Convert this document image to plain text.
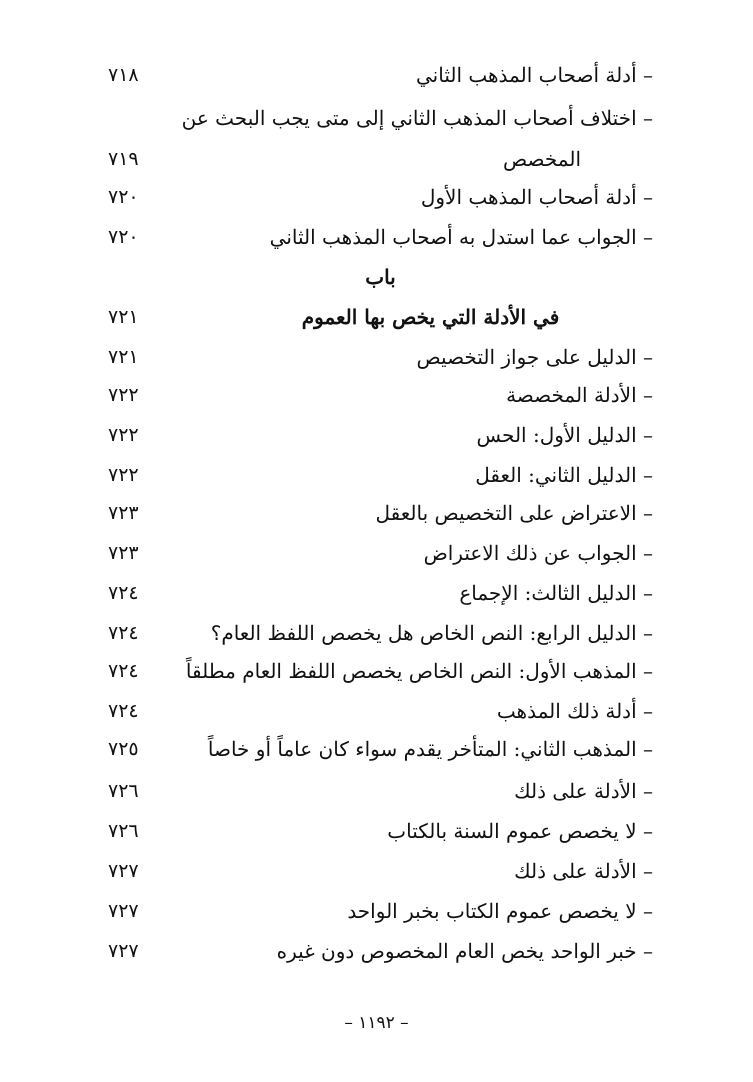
– أدلة أصحاب المذهب الثاني
٧١٨
– اختلاف أصحاب المذهب الثاني إلى متى يجب البحث عن
المخصص
٧١٩
– أدلة أصحاب المذهب الأول
٧٢٠
– الجواب عما استدل به أصحاب المذهب الثاني
٧٢٠
باب
في الأدلة التي يخص بها العموم
٧٢١
– الدليل على جواز التخصيص
٧٢١
– الأدلة المخصصة
٧٢٢
– الدليل الأول: الحس
٧٢٢
– الدليل الثاني: العقل
٧٢٢
– الاعتراض على التخصيص بالعقل
٧٢٣
– الجواب عن ذلك الاعتراض
٧٢٣
– الدليل الثالث: الإجماع
٧٢٤
– الدليل الرابع: النص الخاص هل يخصص اللفظ العام؟
٧٢٤
– المذهب الأول: النص الخاص يخصص اللفظ العام مطلقاً
٧٢٤
– أدلة ذلك المذهب
٧٢٤
– المذهب الثاني: المتأخر يقدم سواء كان عاماً أو خاصاً
٧٢٥
– الأدلة على ذلك
٧٢٦
– لا يخصص عموم السنة بالكتاب
٧٢٦
– الأدلة على ذلك
٧٢٧
– لا يخصص عموم الكتاب بخبر الواحد
٧٢٧
– خبر الواحد يخص العام المخصوص دون غيره
٧٢٧
– ١١٩٢ –
